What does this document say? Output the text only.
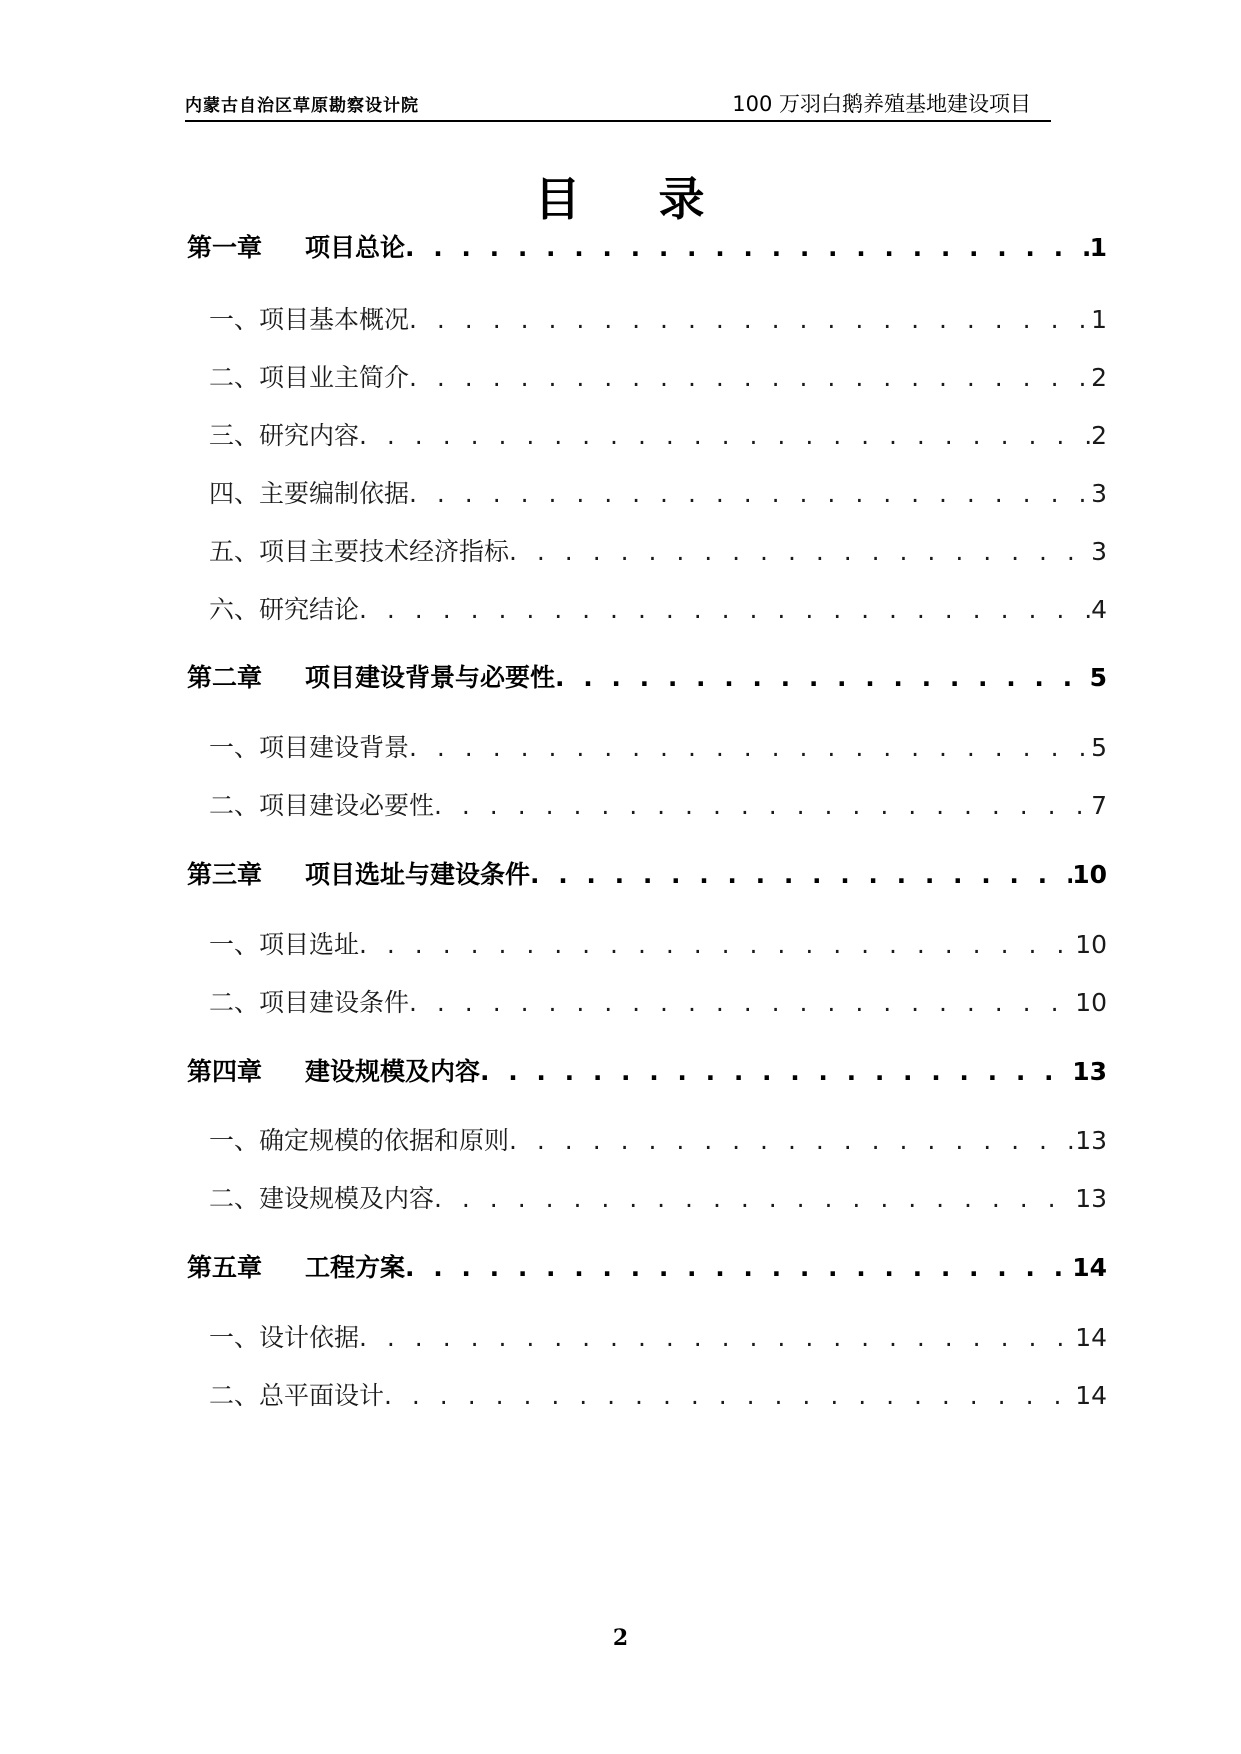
内蒙古自治区草原勘察设计院	100 万羽白鹅养殖基地建设项目
目 录
第一章 项目总论 . . .	1
一、项目基本概况 . . .	1
二、项目业主简介 . . .	2
三、研究内容 . . .	2
四、主要编制依据 . . .	3
五、项目主要技术经济指标 . . .	3
六、研究结论 . . .	4
第二章 项目建设背景与必要性 . . .	5
一、项目建设背景 . . .	5
二、项目建设必要性 . . .	7
第三章 项目选址与建设条件 . . .	10
一、项目选址 . . .	10
二、项目建设条件 . . .	10
第四章 建设规模及内容 . . .	13
一、确定规模的依据和原则 . . .	13
二、建设规模及内容 . . .	13
第五章 工程方案 . . .	14
一、设计依据 . . .	14
二、总平面设计 . . .	14
2
